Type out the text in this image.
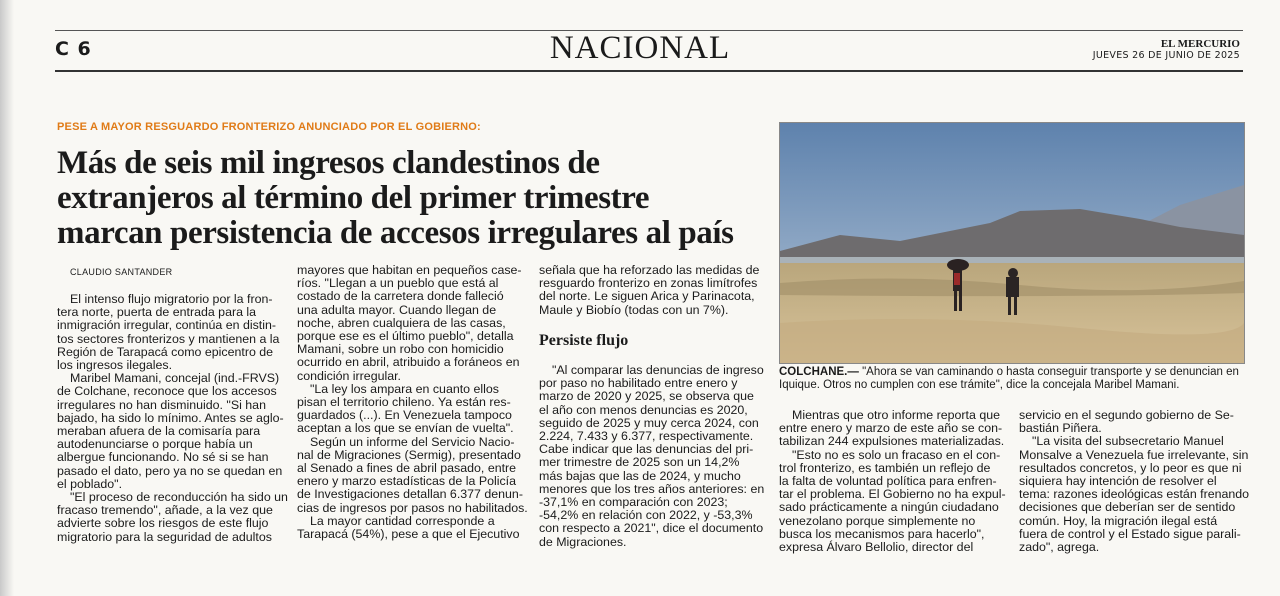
C 6	NACIONAL	EL MERCURIO
JUEVES 26 DE JUNIO DE 2025
PESE A MAYOR RESGUARDO FRONTERIZO ANUNCIADO POR EL GOBIERNO:
Más de seis mil ingresos clandestinos de
extranjeros al término del primer trimestre
marcan persistencia de accesos irregulares al país
CLAUDIO SANTANDER
El intenso flujo migratorio por la fron-
tera norte, puerta de entrada para la
inmigración irregular, continúa en distin-
tos sectores fronterizos y mantienen a la
Región de Tarapacá como epicentro de
los ingresos ilegales.
Maribel Mamani, concejal (ind.-FRVS)
de Colchane, reconoce que los accesos
irregulares no han disminuido. "Si han
bajado, ha sido lo mínimo. Antes se aglo-
meraban afuera de la comisaría para
autodenunciarse o porque había un
albergue funcionando. No sé si se han
pasado el dato, pero ya no se quedan en
el poblado".
"El proceso de reconducción ha sido un
fracaso tremendo", añade, a la vez que
advierte sobre los riesgos de este flujo
migratorio para la seguridad de adultos
mayores que habitan en pequeños case-
ríos. "Llegan a un pueblo que está al
costado de la carretera donde falleció
una adulta mayor. Cuando llegan de
noche, abren cualquiera de las casas,
porque ese es el último pueblo", detalla
Mamani, sobre un robo con homicidio
ocurrido en abril, atribuido a foráneos en
condición irregular.
"La ley los ampara en cuanto ellos
pisan el territorio chileno. Ya están res-
guardados (...). En Venezuela tampoco
aceptan a los que se envían de vuelta".
Según un informe del Servicio Nacio-
nal de Migraciones (Sermig), presentado
al Senado a fines de abril pasado, entre
enero y marzo estadísticas de la Policía
de Investigaciones detallan 6.377 denun-
cias de ingresos por pasos no habilitados.
La mayor cantidad corresponde a
Tarapacá (54%), pese a que el Ejecutivo
señala que ha reforzado las medidas de
resguardo fronterizo en zonas limítrofes
del norte. Le siguen Arica y Parinacota,
Maule y Biobío (todas con un 7%).
Persiste flujo
"Al comparar las denuncias de ingreso
por paso no habilitado entre enero y
marzo de 2020 y 2025, se observa que
el año con menos denuncias es 2020,
seguido de 2025 y muy cerca 2024, con
2.224, 7.433 y 6.377, respectivamente.
Cabe indicar que las denuncias del pri-
mer trimestre de 2025 son un 14,2%
más bajas que las de 2024, y mucho
menores que los tres años anteriores: en
-37,1% en comparación con 2023;
-54,2% en relación con 2022, y -53,3%
con respecto a 2021", dice el documento
de Migraciones.
Mientras que otro informe reporta que
entre enero y marzo de este año se con-
tabilizan 244 expulsiones materializadas.
"Esto no es solo un fracaso en el con-
trol fronterizo, es también un reflejo de
la falta de voluntad política para enfren-
tar el problema. El Gobierno no ha expul-
sado prácticamente a ningún ciudadano
venezolano porque simplemente no
busca los mecanismos para hacerlo",
expresa Álvaro Bellolio, director del
servicio en el segundo gobierno de Se-
bastián Piñera.
"La visita del subsecretario Manuel
Monsalve a Venezuela fue irrelevante, sin
resultados concretos, y lo peor es que ni
siquiera hay intención de resolver el
tema: razones ideológicas están frenando
decisiones que deberían ser de sentido
común. Hoy, la migración ilegal está
fuera de control y el Estado sigue parali-
zado", agrega.
COLCHANE.— "Ahora se van caminando o hasta conseguir transporte y se denuncian en
Iquique. Otros no cumplen con ese trámite", dice la concejala Maribel Mamani.
